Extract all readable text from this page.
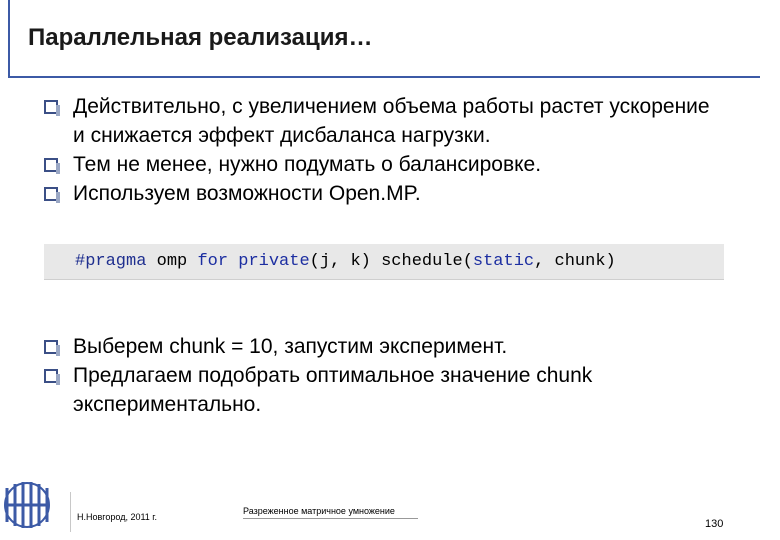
Параллельная реализация…
Действительно, с увеличением объема работы растет ускорение и снижается эффект дисбаланса нагрузки.
Тем не менее, нужно подумать о балансировке.
Используем возможности Open.MP.
#pragma omp for private(j, k) schedule(static, chunk)
Выберем chunk = 10, запустим эксперимент.
Предлагаем подобрать оптимальное значение chunk экспериментально.
Н.Новгород, 2011 г.
Разреженное матричное умножение
130
